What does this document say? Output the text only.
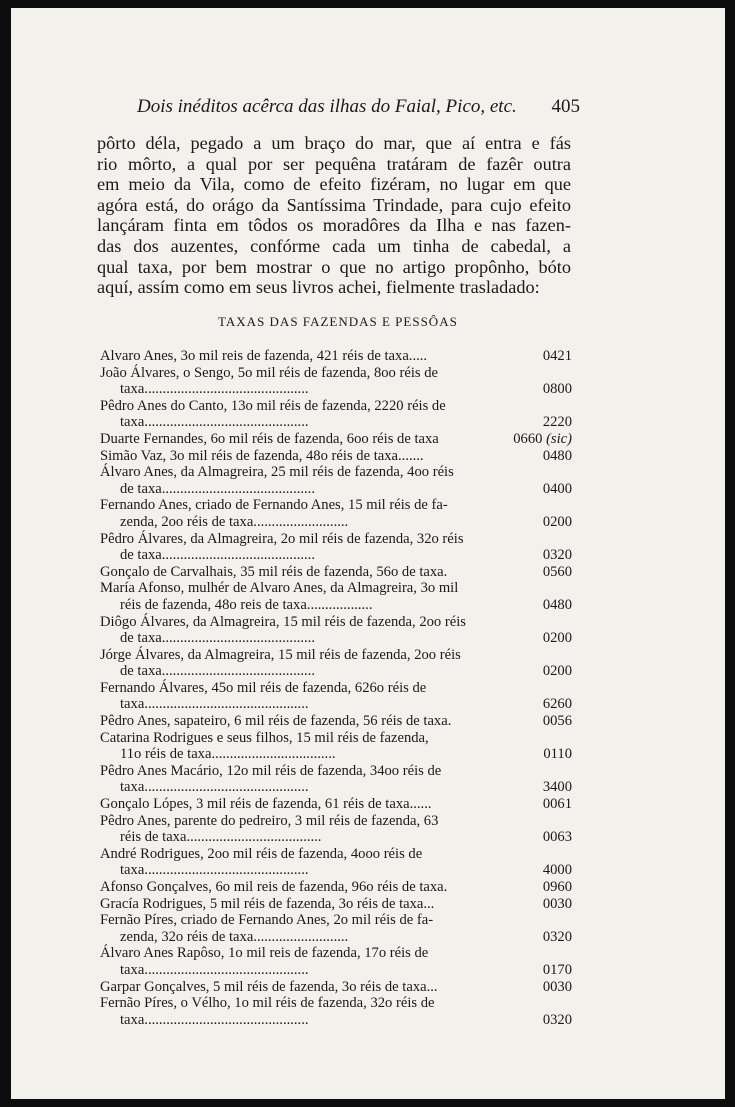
Dois inéditos acêrca das ilhas do Faial, Pico, etc. 405
pôrto déla, pegado a um braço do mar, que aí entra e fás
rio môrto, a qual por ser pequêna tratáram de fazêr outra
em meio da Vila, como de efeito fizéram, no lugar em que
agóra está, do orágo da Santíssima Trindade, para cujo efeito
lançáram finta em tôdos os moradôres da Ilha e nas fazen-
das dos auzentes, confórme cada um tinha de cabedal, a
qual taxa, por bem mostrar o que no artigo propônho, bóto
aquí, assím como em seus livros achei, fielmente trasladado:
TAXAS DAS FAZENDAS E PESSÔAS
Alvaro Anes, 3o mil reis de fazenda, 421 réis de taxa.....	0421
João Álvares, o Sengo, 5o mil réis de fazenda, 8oo réis de
taxa.............................................	0800
Pêdro Anes do Canto, 13o mil réis de fazenda, 2220 réis de
taxa.............................................	2220
Duarte Fernandes, 6o mil réis de fazenda, 6oo réis de taxa	0660 (sic)
Simão Vaz, 3o mil réis de fazenda, 48o réis de taxa.......	0480
Álvaro Anes, da Almagreira, 25 mil réis de fazenda, 4oo réis
de taxa..........................................	0400
Fernando Anes, criado de Fernando Anes, 15 mil réis de fa-
zenda, 2oo réis de taxa..........................	0200
Pêdro Álvares, da Almagreira, 2o mil réis de fazenda, 32o réis
de taxa..........................................	0320
Gonçalo de Carvalhais, 35 mil réis de fazenda, 56o de taxa.	0560
María Afonso, mulhér de Alvaro Anes, da Almagreira, 3o mil
réis de fazenda, 48o reis de taxa..................	0480
Diôgo Álvares, da Almagreira, 15 mil réis de fazenda, 2oo réis
de taxa..........................................	0200
Jórge Álvares, da Almagreira, 15 mil réis de fazenda, 2oo réis
de taxa..........................................	0200
Fernando Álvares, 45o mil réis de fazenda, 626o réis de
taxa.............................................	6260
Pêdro Anes, sapateiro, 6 mil réis de fazenda, 56 réis de taxa.	0056
Catarina Rodrigues e seus filhos, 15 mil réis de fazenda,
11o réis de taxa..................................	0110
Pêdro Anes Macário, 12o mil réis de fazenda, 34oo réis de
taxa.............................................	3400
Gonçalo Lópes, 3 mil réis de fazenda, 61 réis de taxa......	0061
Pêdro Anes, parente do pedreiro, 3 mil réis de fazenda, 63
réis de taxa.....................................	0063
André Rodrigues, 2oo mil réis de fazenda, 4ooo réis de
taxa.............................................	4000
Afonso Gonçalves, 6o mil reis de fazenda, 96o réis de taxa.	0960
Gracía Rodrigues, 5 mil réis de fazenda, 3o réis de taxa...	0030
Fernão Píres, criado de Fernando Anes, 2o mil réis de fa-
zenda, 32o réis de taxa..........................	0320
Álvaro Anes Rapôso, 1o mil reis de fazenda, 17o réis de
taxa.............................................	0170
Garpar Gonçalves, 5 mil réis de fazenda, 3o réis de taxa...	0030
Fernão Píres, o Vélho, 1o mil réis de fazenda, 32o réis de
taxa.............................................	0320
